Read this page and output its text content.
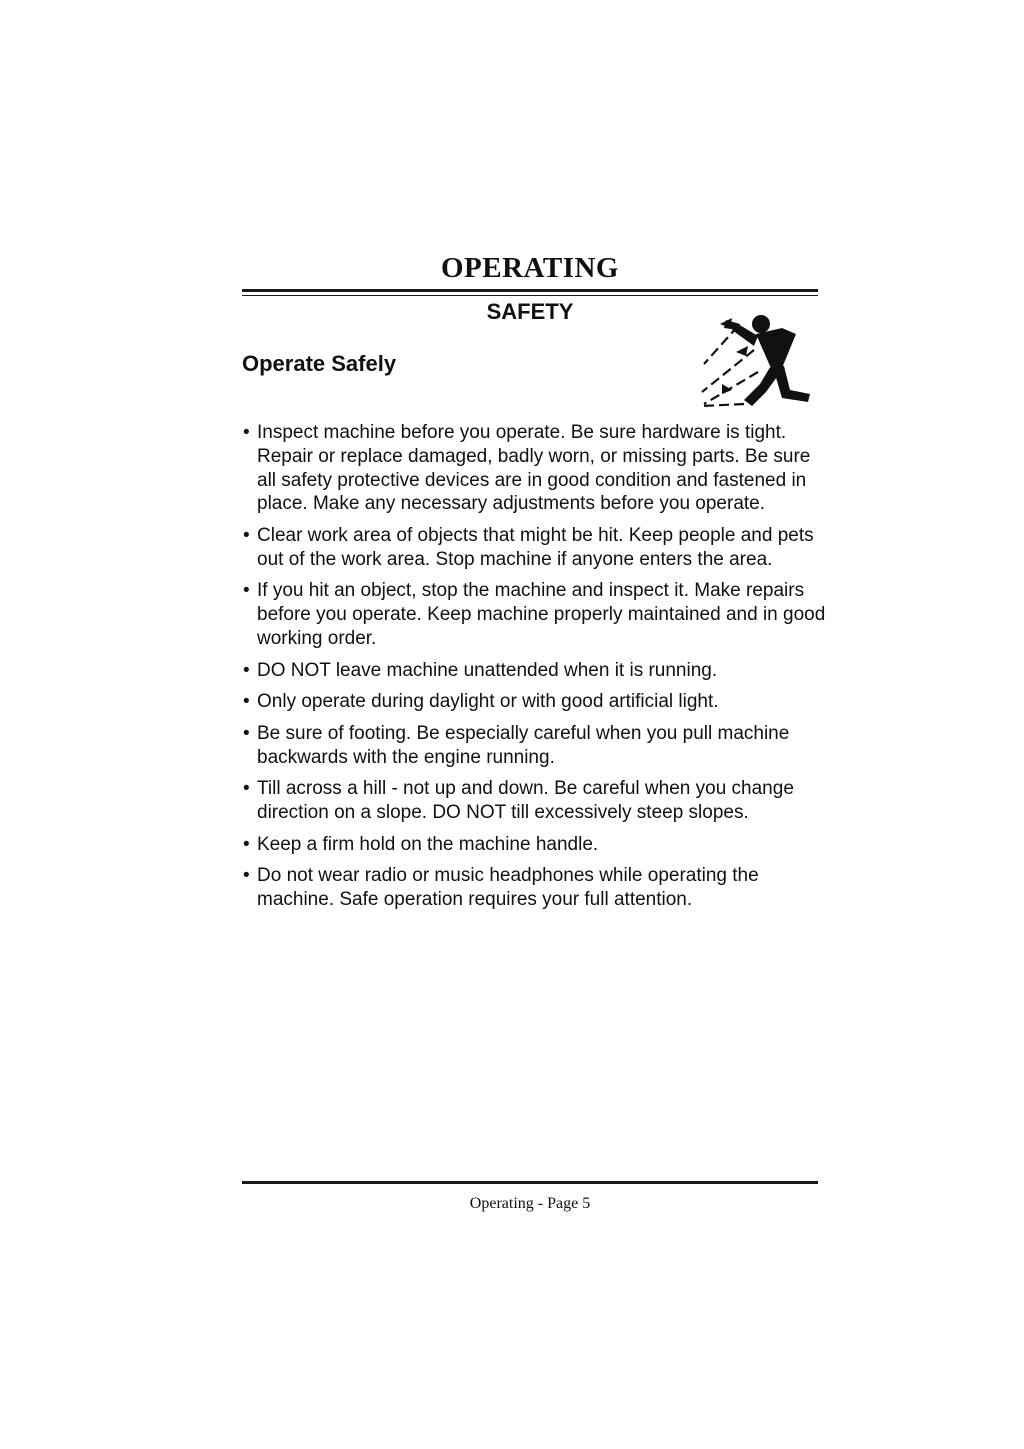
OPERATING
SAFETY
Operate Safely
• Inspect machine before you operate. Be sure hardware is tight. Repair or replace damaged, badly worn, or missing parts. Be sure all safety protective devices are in good condition and fastened in place. Make any necessary adjustments before you operate.
• Clear work area of objects that might be hit. Keep people and pets out of the work area. Stop machine if anyone enters the area.
• If you hit an object, stop the machine and inspect it. Make repairs before you operate. Keep machine properly maintained and in good working order.
• DO NOT leave machine unattended when it is running.
• Only operate during daylight or with good artificial light.
• Be sure of footing. Be especially careful when you pull machine backwards with the engine running.
• Till across a hill - not up and down. Be careful when you change direction on a slope. DO NOT till excessively steep slopes.
• Keep a firm hold on the machine handle.
• Do not wear radio or music headphones while operating the machine. Safe operation requires your full attention.

Operating - Page 5
